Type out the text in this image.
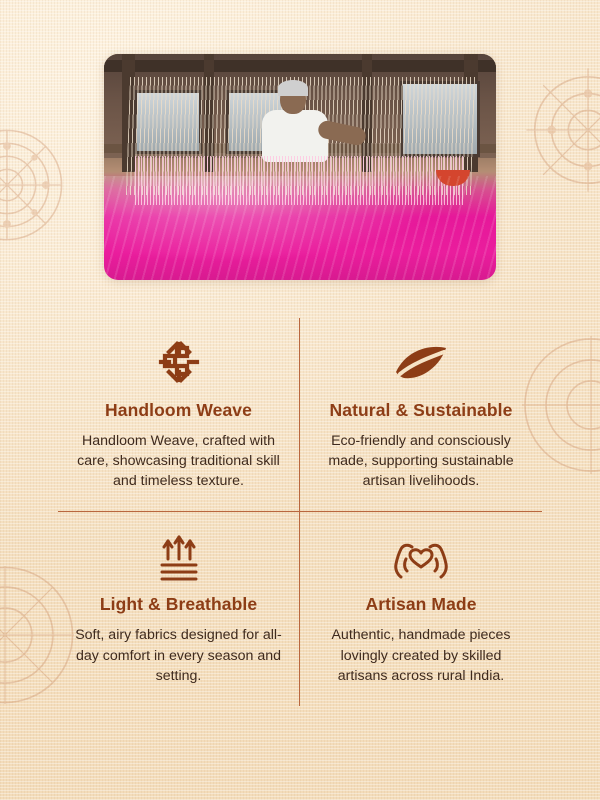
Handloom Weave

Handloom Weave, crafted with care, showcasing traditional skill and timeless texture.

Natural & Sustainable

Eco-friendly and consciously made, supporting sustainable artisan livelihoods.

Light & Breathable

Soft, airy fabrics designed for all-day comfort in every season and setting.

Artisan Made

Authentic, handmade pieces lovingly created by skilled artisans across rural India.
